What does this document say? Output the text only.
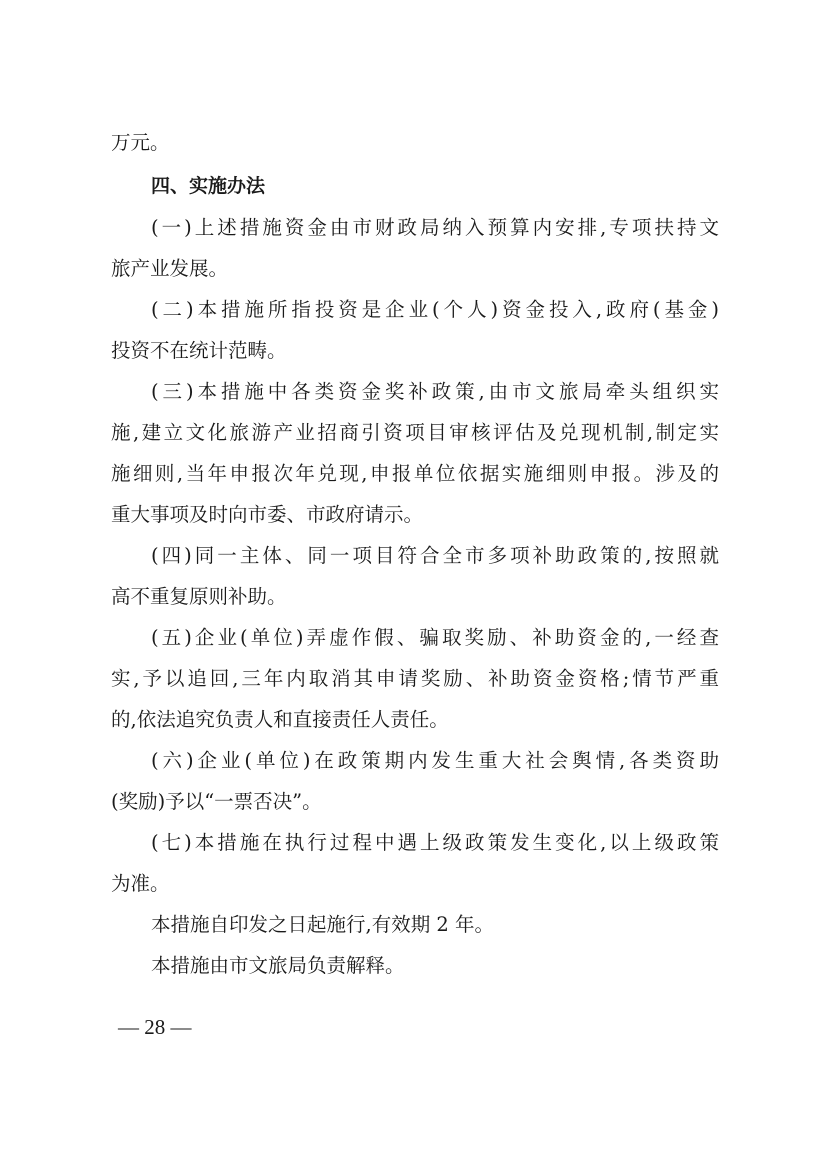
万元。
四、实施办法
(一)上述措施资金由市财政局纳入预算内安排,专项扶持文
旅产业发展。
(二)本措施所指投资是企业(个人)资金投入,政府(基金)
投资不在统计范畴。
(三)本措施中各类资金奖补政策,由市文旅局牵头组织实
施,建立文化旅游产业招商引资项目审核评估及兑现机制,制定实
施细则,当年申报次年兑现,申报单位依据实施细则申报。涉及的
重大事项及时向市委、市政府请示。
(四)同一主体、同一项目符合全市多项补助政策的,按照就
高不重复原则补助。
(五)企业(单位)弄虚作假、骗取奖励、补助资金的,一经查
实,予以追回,三年内取消其申请奖励、补助资金资格;情节严重
的,依法追究负责人和直接责任人责任。
(六)企业(单位)在政策期内发生重大社会舆情,各类资助
(奖励)予以“一票否决”。
(七)本措施在执行过程中遇上级政策发生变化,以上级政策
为准。
本措施自印发之日起施行,有效期 2 年。
本措施由市文旅局负责解释。
— 28 —
